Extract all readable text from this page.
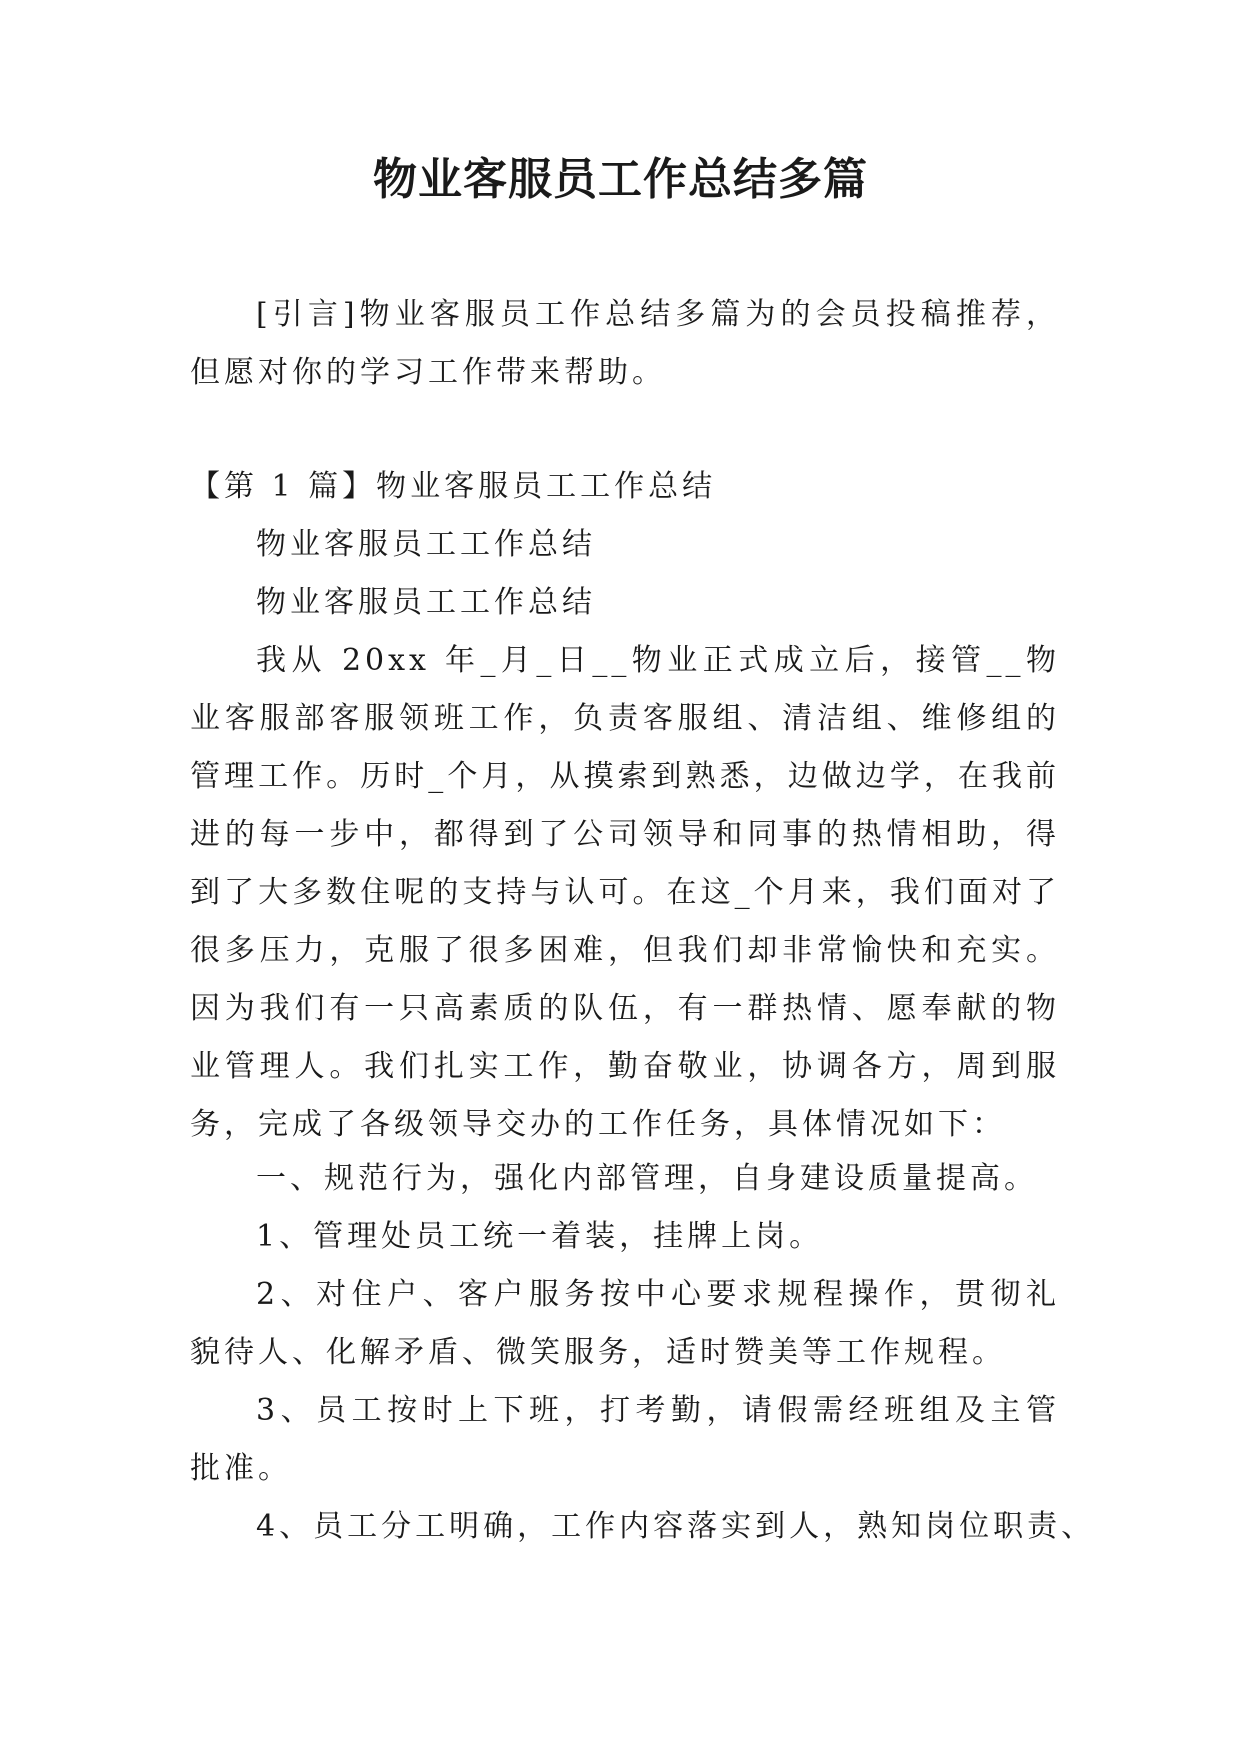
物业客服员工作总结多篇

[引言]物业客服员工作总结多篇为的会员投稿推荐，但愿对你的学习工作带来帮助。

【第 1 篇】物业客服员工工作总结

物业客服员工工作总结

物业客服员工工作总结

我从 20xx 年_月_日__物业正式成立后，接管__物业客服部客服领班工作，负责客服组、清洁组、维修组的管理工作。历时_个月，从摸索到熟悉，边做边学，在我前进的每一步中，都得到了公司领导和同事的热情相助，得到了大多数住呢的支持与认可。在这_个月来，我们面对了很多压力，克服了很多困难，但我们却非常愉快和充实。因为我们有一只高素质的队伍，有一群热情、愿奉献的物业管理人。我们扎实工作，勤奋敬业，协调各方，周到服务，完成了各级领导交办的工作任务，具体情况如下：

一、规范行为，强化内部管理，自身建设质量提高。

1、管理处员工统一着装，挂牌上岗。

2、对住户、客户服务按中心要求规程操作，贯彻礼貌待人、化解矛盾、微笑服务，适时赞美等工作规程。

3、员工按时上下班，打考勤，请假需经班组及主管批准。

4、员工分工明确，工作内容落实到人，熟知岗位职责、
